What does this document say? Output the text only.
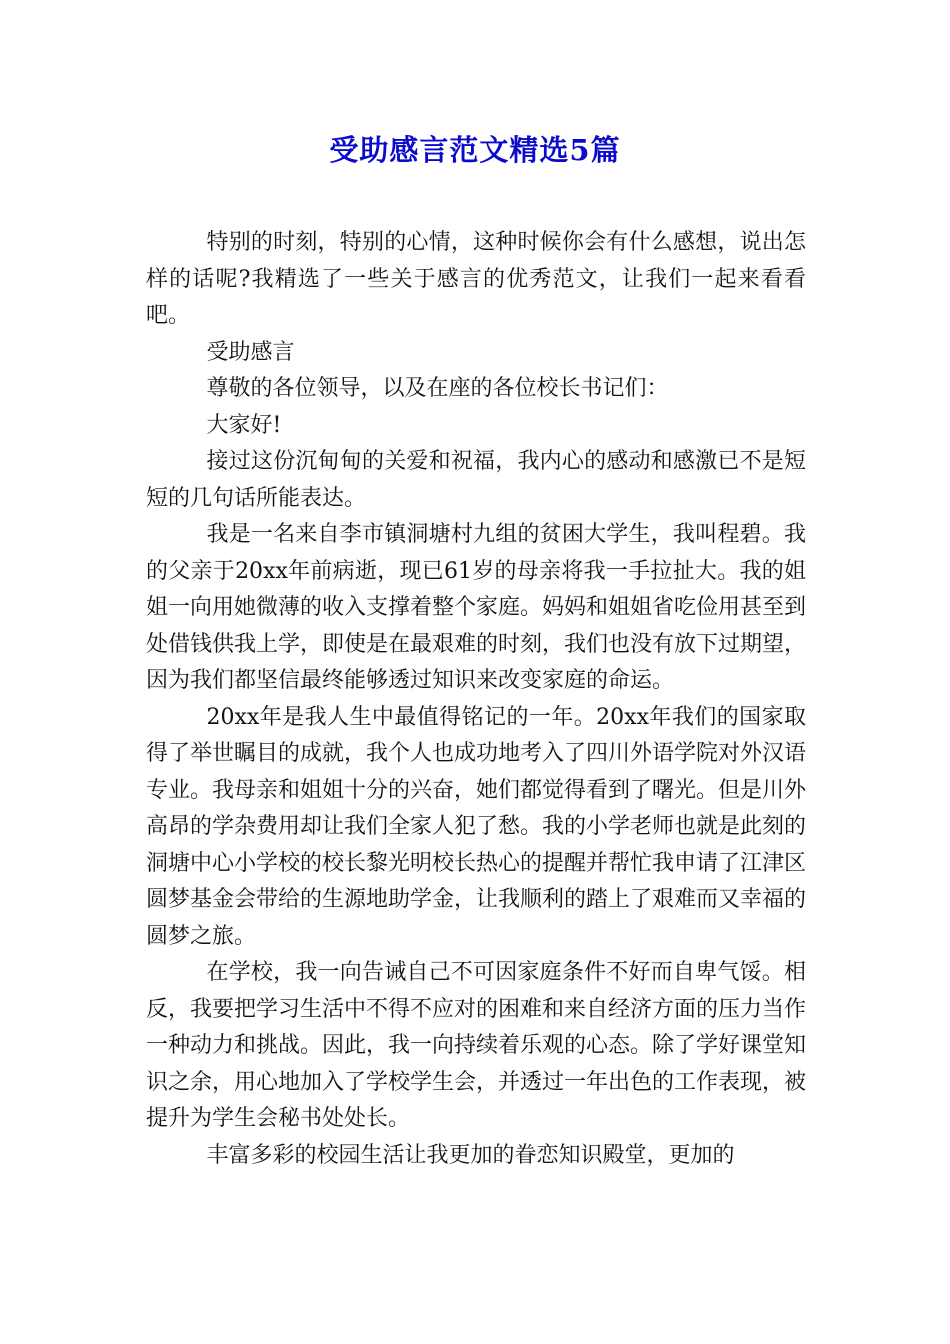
受助感言范文精选5篇

特别的时刻，特别的心情，这种时候你会有什么感想，说出怎样的话呢?我精选了一些关于感言的优秀范文，让我们一起来看看吧。

受助感言

尊敬的各位领导，以及在座的各位校长书记们：

大家好!

接过这份沉甸甸的关爱和祝福，我内心的感动和感激已不是短短的几句话所能表达。

我是一名来自李市镇洞塘村九组的贫困大学生，我叫程碧。我的父亲于20xx年前病逝，现已61岁的母亲将我一手拉扯大。我的姐姐一向用她微薄的收入支撑着整个家庭。妈妈和姐姐省吃俭用甚至到处借钱供我上学，即使是在最艰难的时刻，我们也没有放下过期望，因为我们都坚信最终能够透过知识来改变家庭的命运。

20xx年是我人生中最值得铭记的一年。20xx年我们的国家取得了举世瞩目的成就，我个人也成功地考入了四川外语学院对外汉语专业。我母亲和姐姐十分的兴奋，她们都觉得看到了曙光。但是川外高昂的学杂费用却让我们全家人犯了愁。我的小学老师也就是此刻的洞塘中心小学校的校长黎光明校长热心的提醒并帮忙我申请了江津区圆梦基金会带给的生源地助学金，让我顺利的踏上了艰难而又幸福的圆梦之旅。

在学校，我一向告诫自己不可因家庭条件不好而自卑气馁。相反，我要把学习生活中不得不应对的困难和来自经济方面的压力当作一种动力和挑战。因此，我一向持续着乐观的心态。除了学好课堂知识之余，用心地加入了学校学生会，并透过一年出色的工作表现，被提升为学生会秘书处处长。

丰富多彩的校园生活让我更加的眷恋知识殿堂，更加的
